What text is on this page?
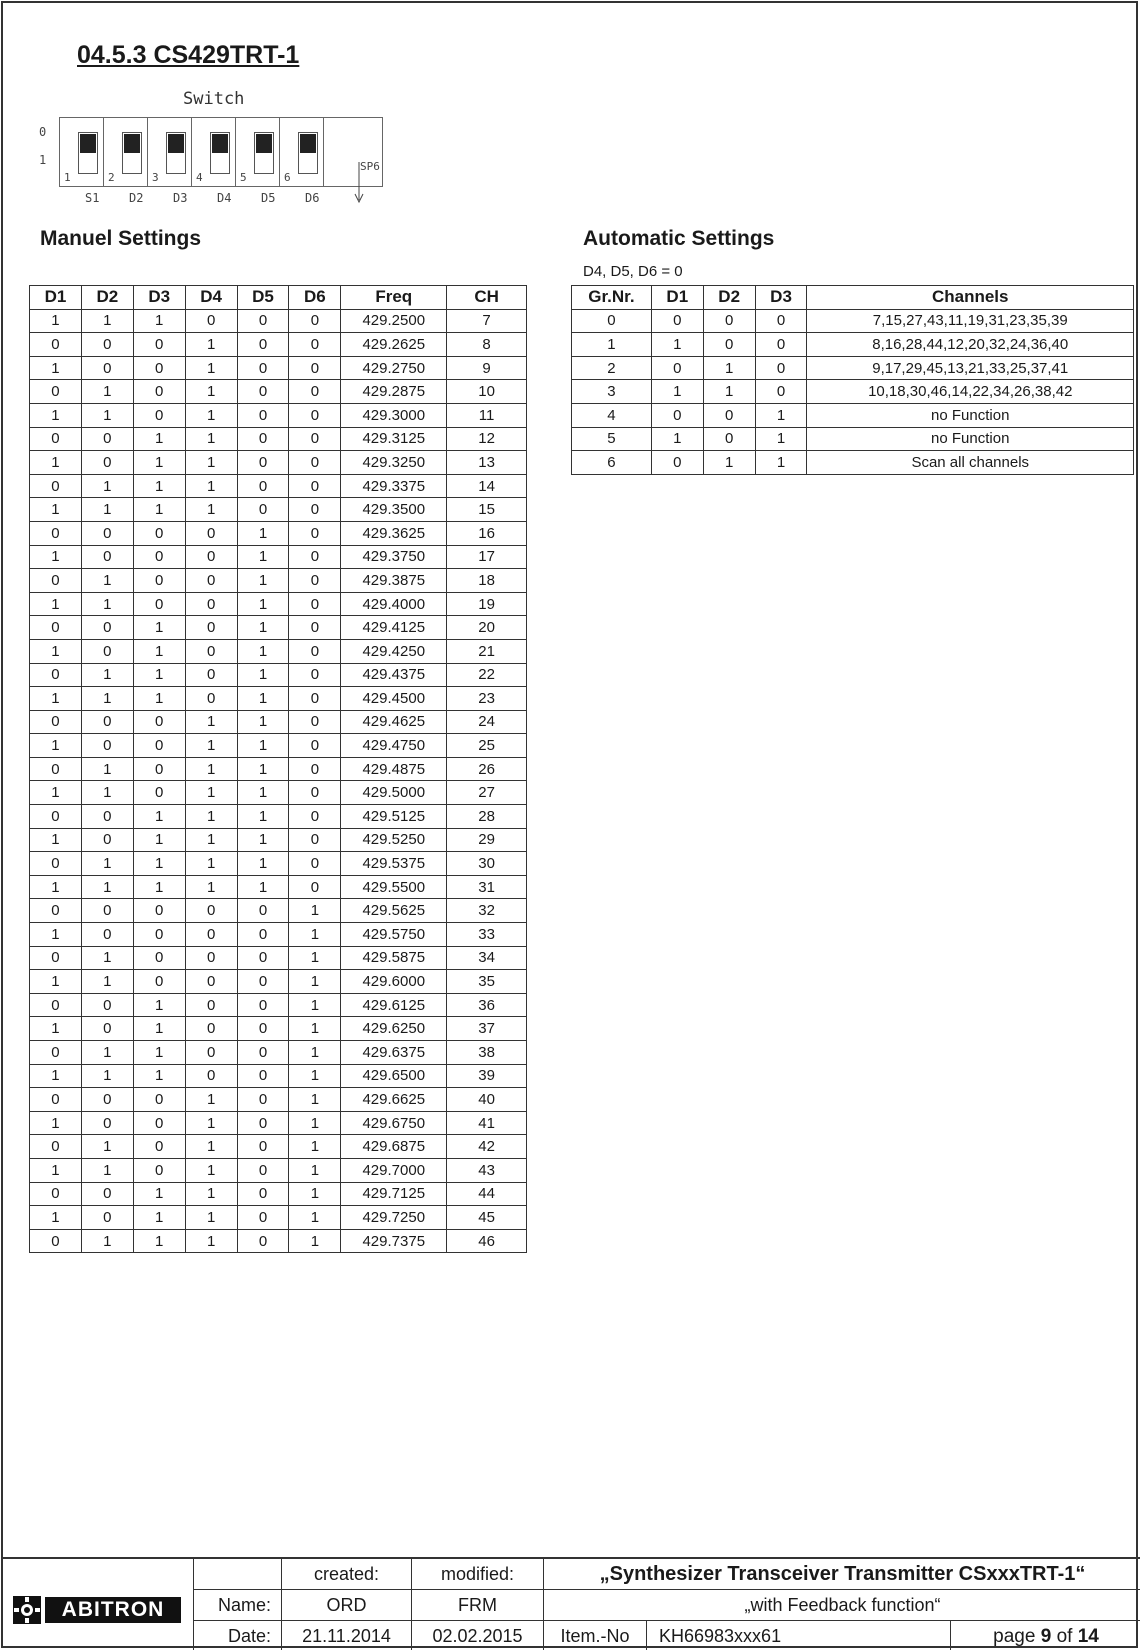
04.5.3 CS429TRT-1
Switch
0
1
1	2	3	4	5	6
SP6
S1 D2 D3 D4 D5 D6
Manuel Settings	Automatic Settings
D4, D5, D6 = 0
D1	D2	D3	D4	D5	D6	Freq	CH
1	1	1	0	0	0	429.2500	7
0	0	0	1	0	0	429.2625	8
1	0	0	1	0	0	429.2750	9
0	1	0	1	0	0	429.2875	10
1	1	0	1	0	0	429.3000	11
0	0	1	1	0	0	429.3125	12
1	0	1	1	0	0	429.3250	13
0	1	1	1	0	0	429.3375	14
1	1	1	1	0	0	429.3500	15
0	0	0	0	1	0	429.3625	16
1	0	0	0	1	0	429.3750	17
0	1	0	0	1	0	429.3875	18
1	1	0	0	1	0	429.4000	19
0	0	1	0	1	0	429.4125	20
1	0	1	0	1	0	429.4250	21
0	1	1	0	1	0	429.4375	22
1	1	1	0	1	0	429.4500	23
0	0	0	1	1	0	429.4625	24
1	0	0	1	1	0	429.4750	25
0	1	0	1	1	0	429.4875	26
1	1	0	1	1	0	429.5000	27
0	0	1	1	1	0	429.5125	28
1	0	1	1	1	0	429.5250	29
0	1	1	1	1	0	429.5375	30
1	1	1	1	1	0	429.5500	31
0	0	0	0	0	1	429.5625	32
1	0	0	0	0	1	429.5750	33
0	1	0	0	0	1	429.5875	34
1	1	0	0	0	1	429.6000	35
0	0	1	0	0	1	429.6125	36
1	0	1	0	0	1	429.6250	37
0	1	1	0	0	1	429.6375	38
1	1	1	0	0	1	429.6500	39
0	0	0	1	0	1	429.6625	40
1	0	0	1	0	1	429.6750	41
0	1	0	1	0	1	429.6875	42
1	1	0	1	0	1	429.7000	43
0	0	1	1	0	1	429.7125	44
1	0	1	1	0	1	429.7250	45
0	1	1	1	0	1	429.7375	46
Gr.Nr.	D1	D2	D3	Channels
0	0	0	0	7,15,27,43,11,19,31,23,35,39
1	1	0	0	8,16,28,44,12,20,32,24,36,40
2	0	1	0	9,17,29,45,13,21,33,25,37,41
3	1	1	0	10,18,30,46,14,22,34,26,38,42
4	0	0	1	no Function
5	1	0	1	no Function
6	0	1	1	Scan all channels
ABITRON
created:	modified:	„Synthesizer Transceiver Transmitter CSxxxTRT-1“
Name:	ORD	FRM	„with Feedback function“
Date:	21.11.2014	02.02.2015	Item.-No	KH66983xxx61	page
9
of
14
